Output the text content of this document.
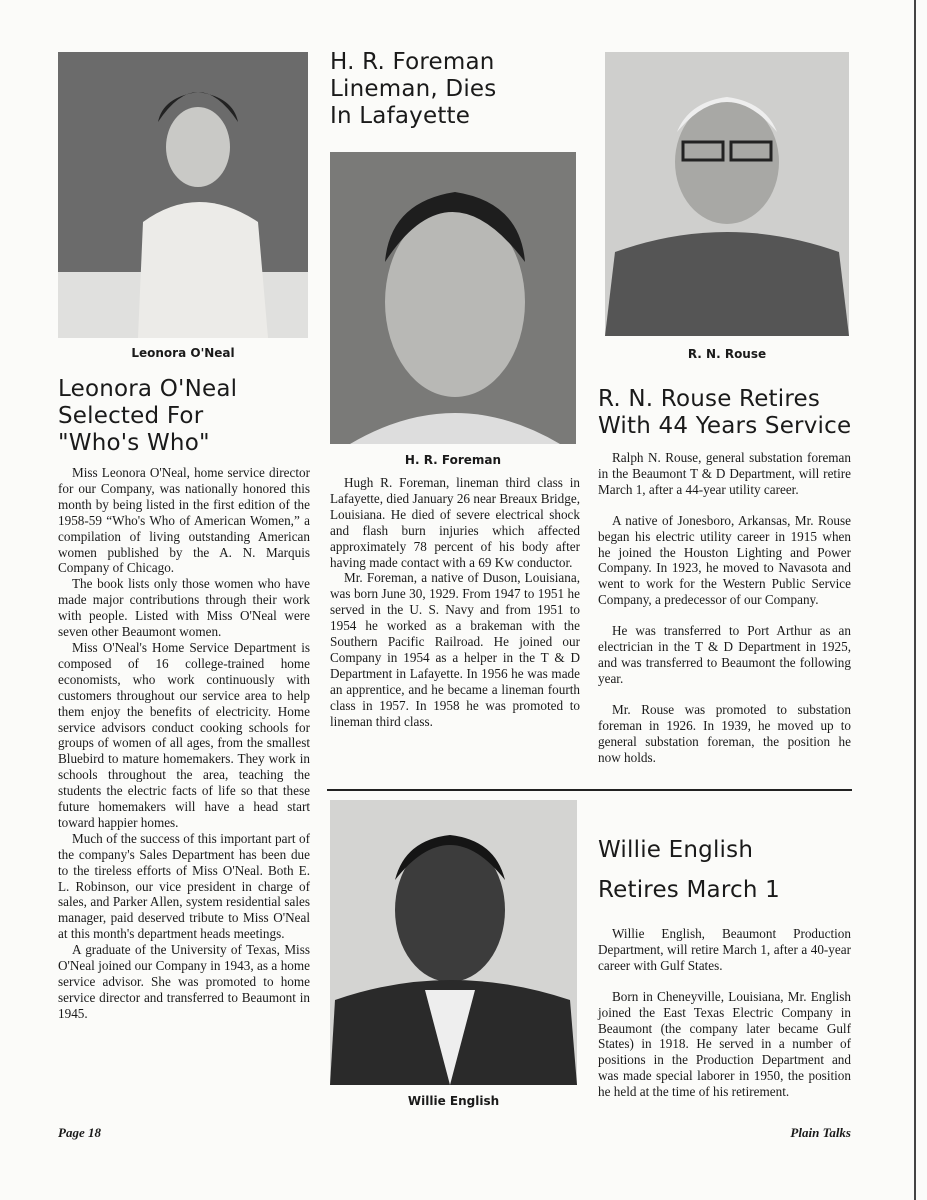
Leonora O'Neal
H. R. Foreman
R. N. Rouse
Willie English
Leonora O'Neal
Selected For
"Who's Who"
H. R. Foreman
Lineman, Dies
In Lafayette
R. N. Rouse Retires
With 44 Years Service
Willie English
Retires March 1

Miss Leonora O'Neal, home service director for our Company, was nationally honored this month by being listed in the first edition of the 1958-59 “Who's Who of American Women,” a compilation of living outstanding American women published by the A. N. Marquis Company of Chicago.

The book lists only those women who have made major contributions through their work with people. Listed with Miss O'Neal were seven other Beaumont women.

Miss O'Neal's Home Service Department is composed of 16 college-trained home economists, who work continuously with customers throughout our service area to help them enjoy the benefits of electricity. Home service advisors conduct cooking schools for groups of women of all ages, from the smallest Bluebird to mature homemakers. They work in schools throughout the area, teaching the students the electric facts of life so that these future homemakers will have a head start toward happier homes.

Much of the success of this important part of the company's Sales Department has been due to the tireless efforts of Miss O'Neal. Both E. L. Robinson, our vice president in charge of sales, and Parker Allen, system residential sales manager, paid deserved tribute to Miss O'Neal at this month's department heads meetings.

A graduate of the University of Texas, Miss O'Neal joined our Company in 1943, as a home service advisor. She was promoted to home service director and transferred to Beaumont in 1945.

Hugh R. Foreman, lineman third class in Lafayette, died January 26 near Breaux Bridge, Louisiana. He died of severe electrical shock and flash burn injuries which affected approximately 78 percent of his body after having made contact with a 69 Kw conductor.

Mr. Foreman, a native of Duson, Louisiana, was born June 30, 1929. From 1947 to 1951 he served in the U. S. Navy and from 1951 to 1954 he worked as a brakeman with the Southern Pacific Railroad. He joined our Company in 1954 as a helper in the T & D Department in Lafayette. In 1956 he was made an apprentice, and he became a lineman fourth class in 1957. In 1958 he was promoted to lineman third class.

Ralph N. Rouse, general substation foreman in the Beaumont T & D Department, will retire March 1, after a 44-year utility career.

A native of Jonesboro, Arkansas, Mr. Rouse began his electric utility career in 1915 when he joined the Houston Lighting and Power Company. In 1923, he moved to Navasota and went to work for the Western Public Service Company, a predecessor of our Company.

He was transferred to Port Arthur as an electrician in the T & D Department in 1925, and was transferred to Beaumont the following year.

Mr. Rouse was promoted to substation foreman in 1926. In 1939, he moved up to general substation foreman, the position he now holds.

Willie English, Beaumont Production Department, will retire March 1, after a 40-year career with Gulf States.

Born in Cheneyville, Louisiana, Mr. English joined the East Texas Electric Company in Beaumont (the company later became Gulf States) in 1918. He served in a number of positions in the Production Department and was made special laborer in 1950, the position he held at the time of his retirement.

Page 18	Plain Talks
